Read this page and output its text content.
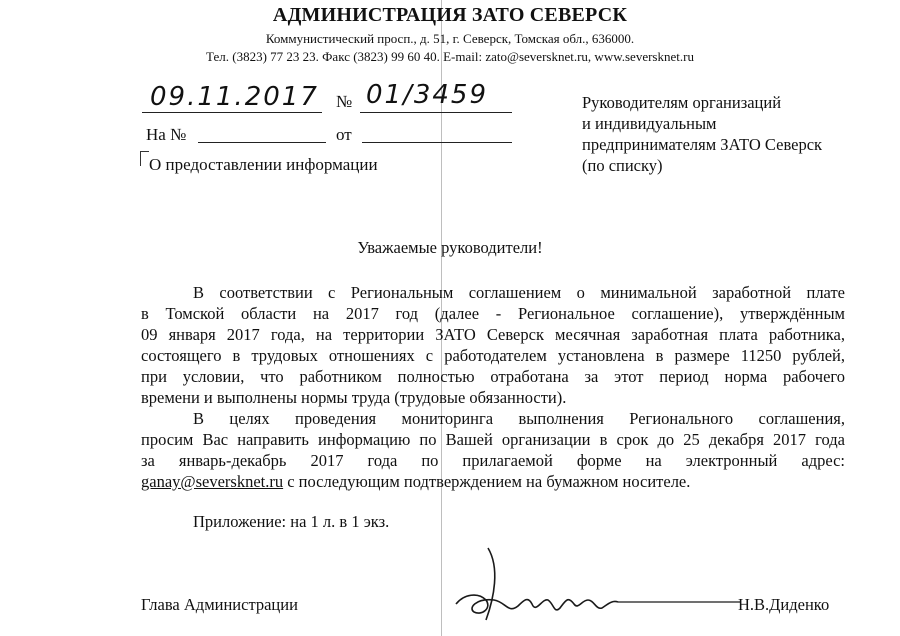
АДМИНИСТРАЦИЯ ЗАТО СЕВЕРСК
Коммунистический просп., д. 51, г. Северск, Томская обл., 636000.
Тел. (3823) 77 23 23. Факс (3823) 99 60 40. E-mail: zato@seversknet.ru, www.seversknet.ru
09.11.2017 № 01/3459
На №	от
О предоставлении информации
Руководителям организаций
и индивидуальным
предпринимателям ЗАТО Северск
(по списку)
Уважаемые руководители!
В соответствии с Региональным соглашением о минимальной заработной плате
в Томской области на 2017 год (далее - Региональное соглашение), утверждённым
09 января 2017 года, на территории ЗАТО Северск месячная заработная плата работника,
состоящего в трудовых отношениях с работодателем установлена в размере 11250 рублей,
при условии, что работником полностью отработана за этот период норма рабочего
времени и выполнены нормы труда (трудовые обязанности).
В целях проведения мониторинга выполнения Регионального соглашения,
просим Вас направить информацию по Вашей организации в срок до 25 декабря 2017 года
за январь-декабрь 2017 года по прилагаемой форме на электронный адрес:
ganay@seversknet.ru с последующим подтверждением на бумажном носителе.
Приложение: на 1 л. в 1 экз.
Глава Администрации	Н.В.Диденко
